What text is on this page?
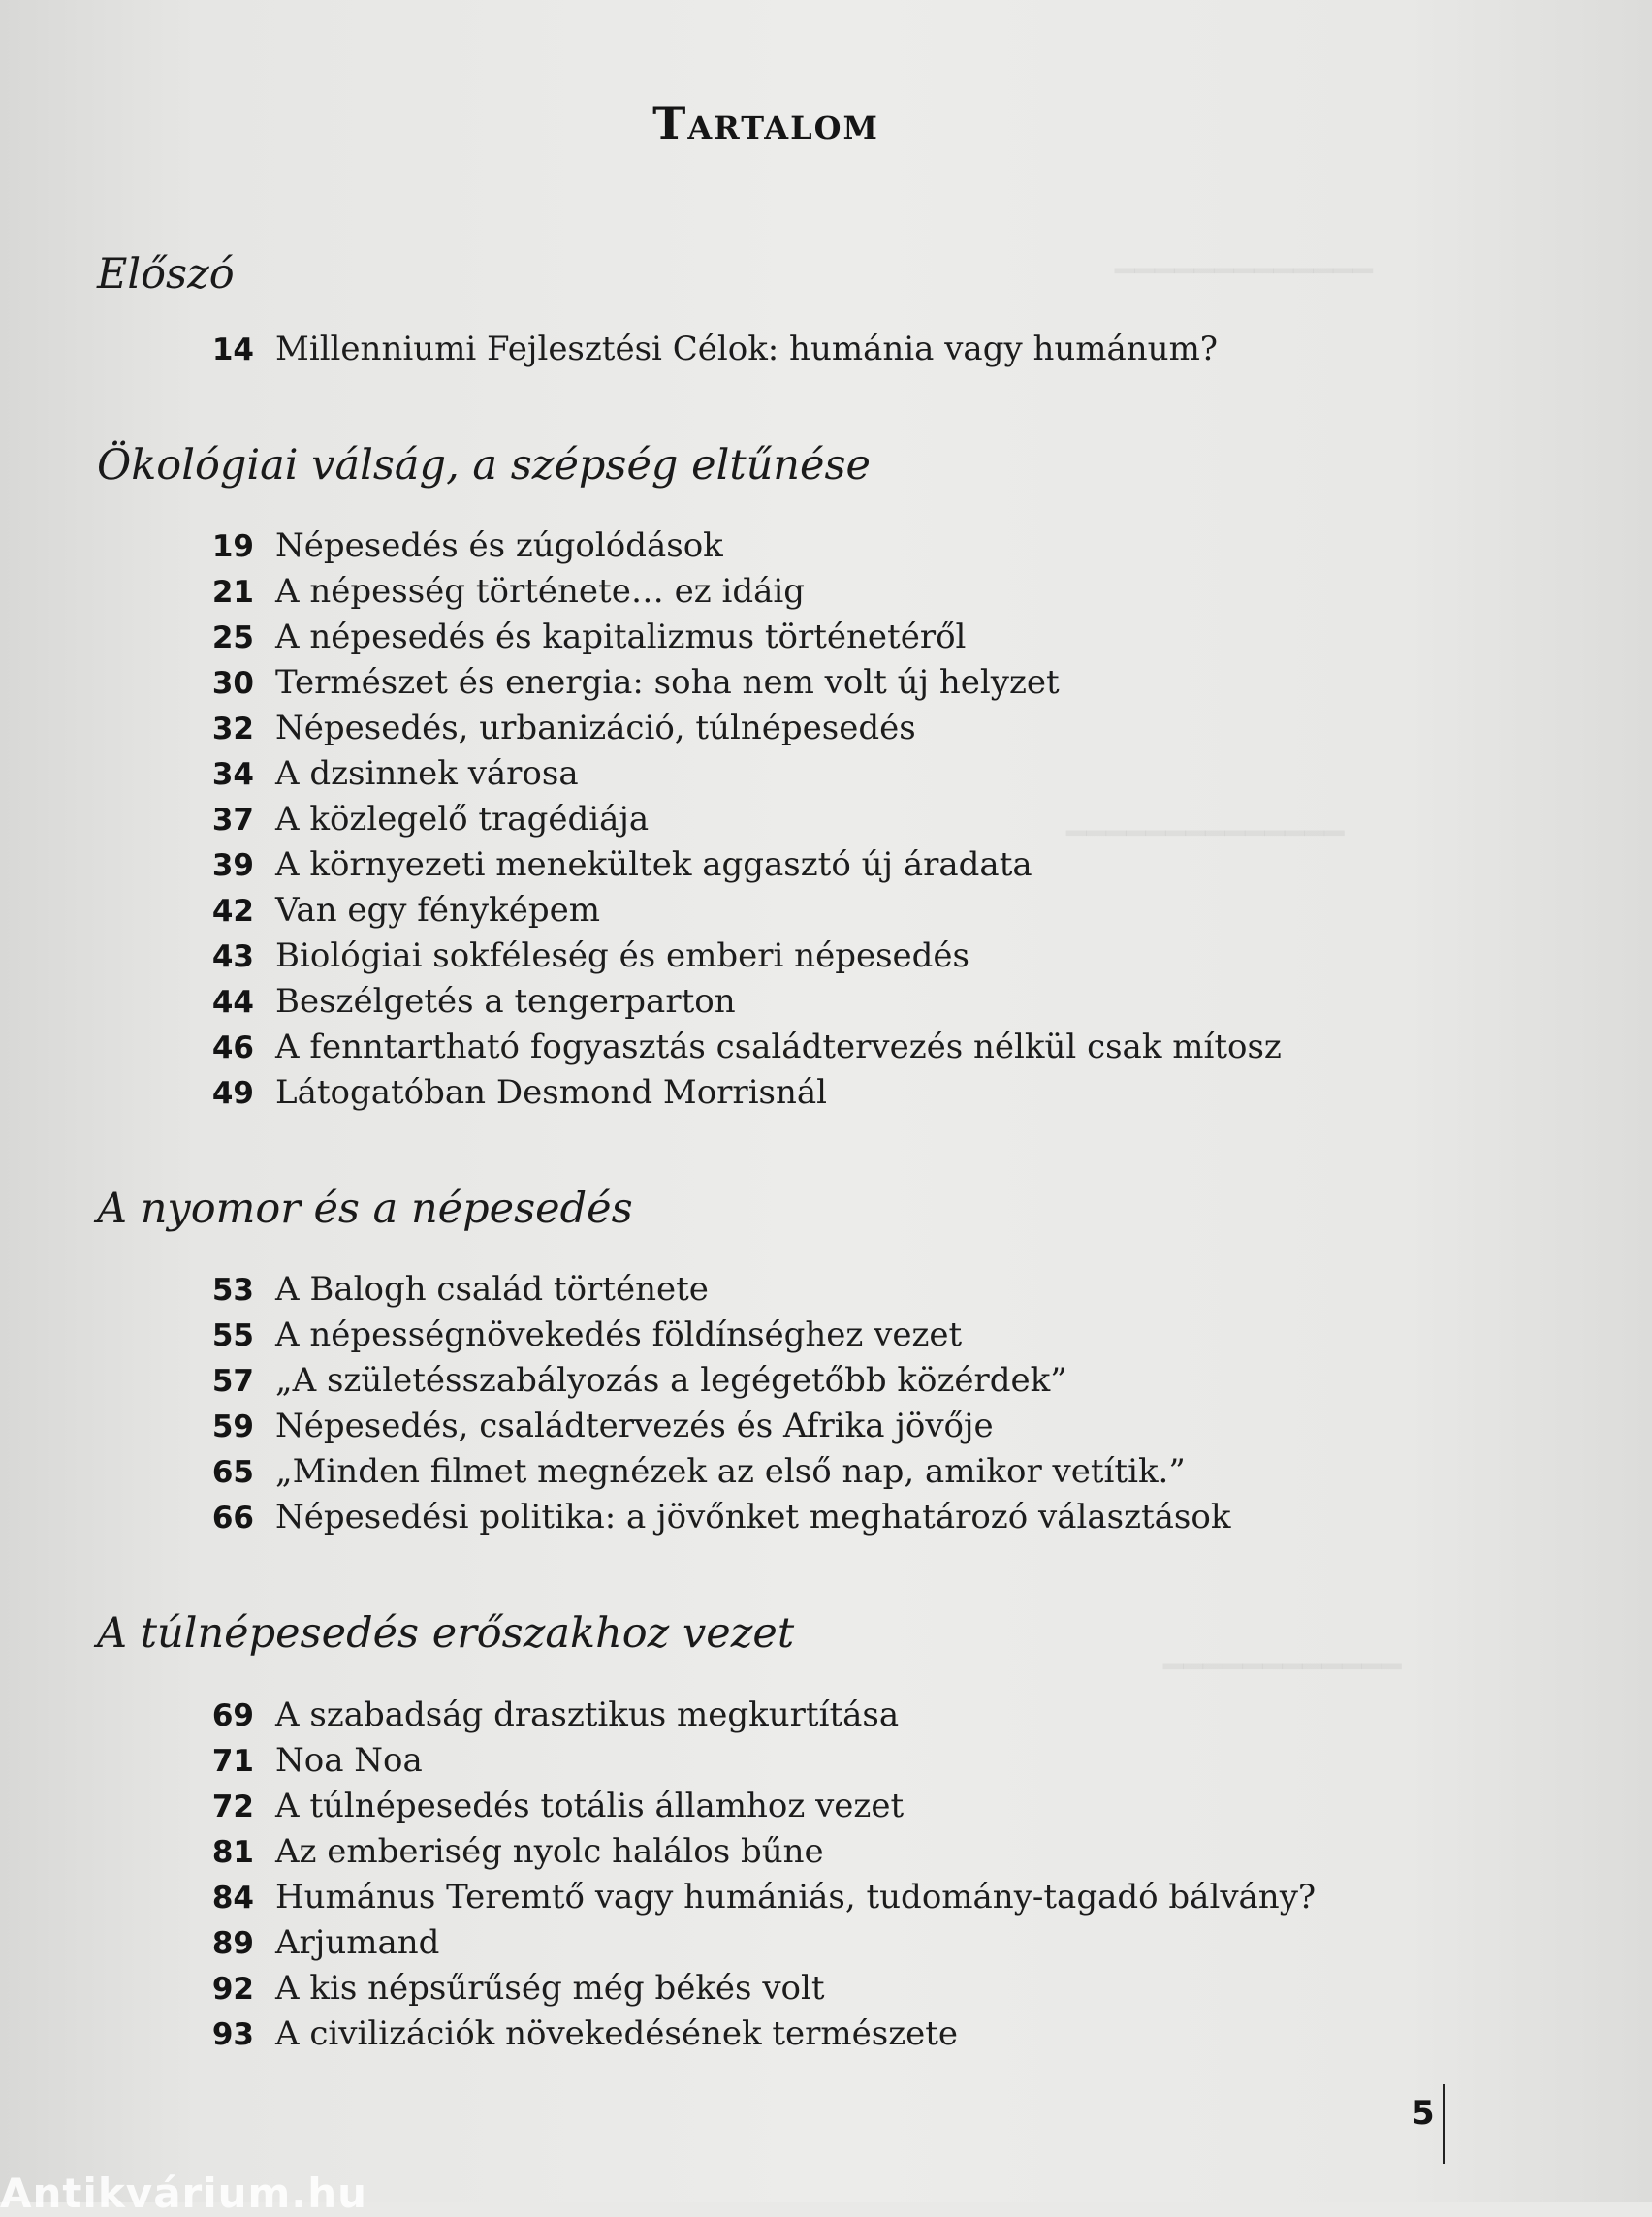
━━━━━━━━━━━━━
━━━━━━━━━━━━━━
━━━━━━━━━━━━
Tartalom
Előszó
14 Millenniumi Fejlesztési Célok: humánia vagy humánum?
Ökológiai válság, a szépség eltűnése
19 Népesedés és zúgolódások
21 A népesség története… ez idáig
25 A népesedés és kapitalizmus történetéről
30 Természet és energia: soha nem volt új helyzet
32 Népesedés, urbanizáció, túlnépesedés
34 A dzsinnek városa
37 A közlegelő tragédiája
39 A környezeti menekültek aggasztó új áradata
42 Van egy fényképem
43 Biológiai sokféleség és emberi népesedés
44 Beszélgetés a tengerparton
46 A fenntartható fogyasztás családtervezés nélkül csak mítosz
49 Látogatóban Desmond Morrisnál
A nyomor és a népesedés
53 A Balogh család története
55 A népességnövekedés földínséghez vezet
57 „A születésszabályozás a legégetőbb közérdek”
59 Népesedés, családtervezés és Afrika jövője
65 „Minden filmet megnézek az első nap, amikor vetítik.”
66 Népesedési politika: a jövőnket meghatározó választások
A túlnépesedés erőszakhoz vezet
69 A szabadság drasztikus megkurtítása
71 Noa Noa
72 A túlnépesedés totális államhoz vezet
81 Az emberiség nyolc halálos bűne
84 Humánus Teremtő vagy humániás, tudomány-tagadó bálvány?
89 Arjumand
92 A kis népsűrűség még békés volt
93 A civilizációk növekedésének természete
5
Antikvárium.hu
